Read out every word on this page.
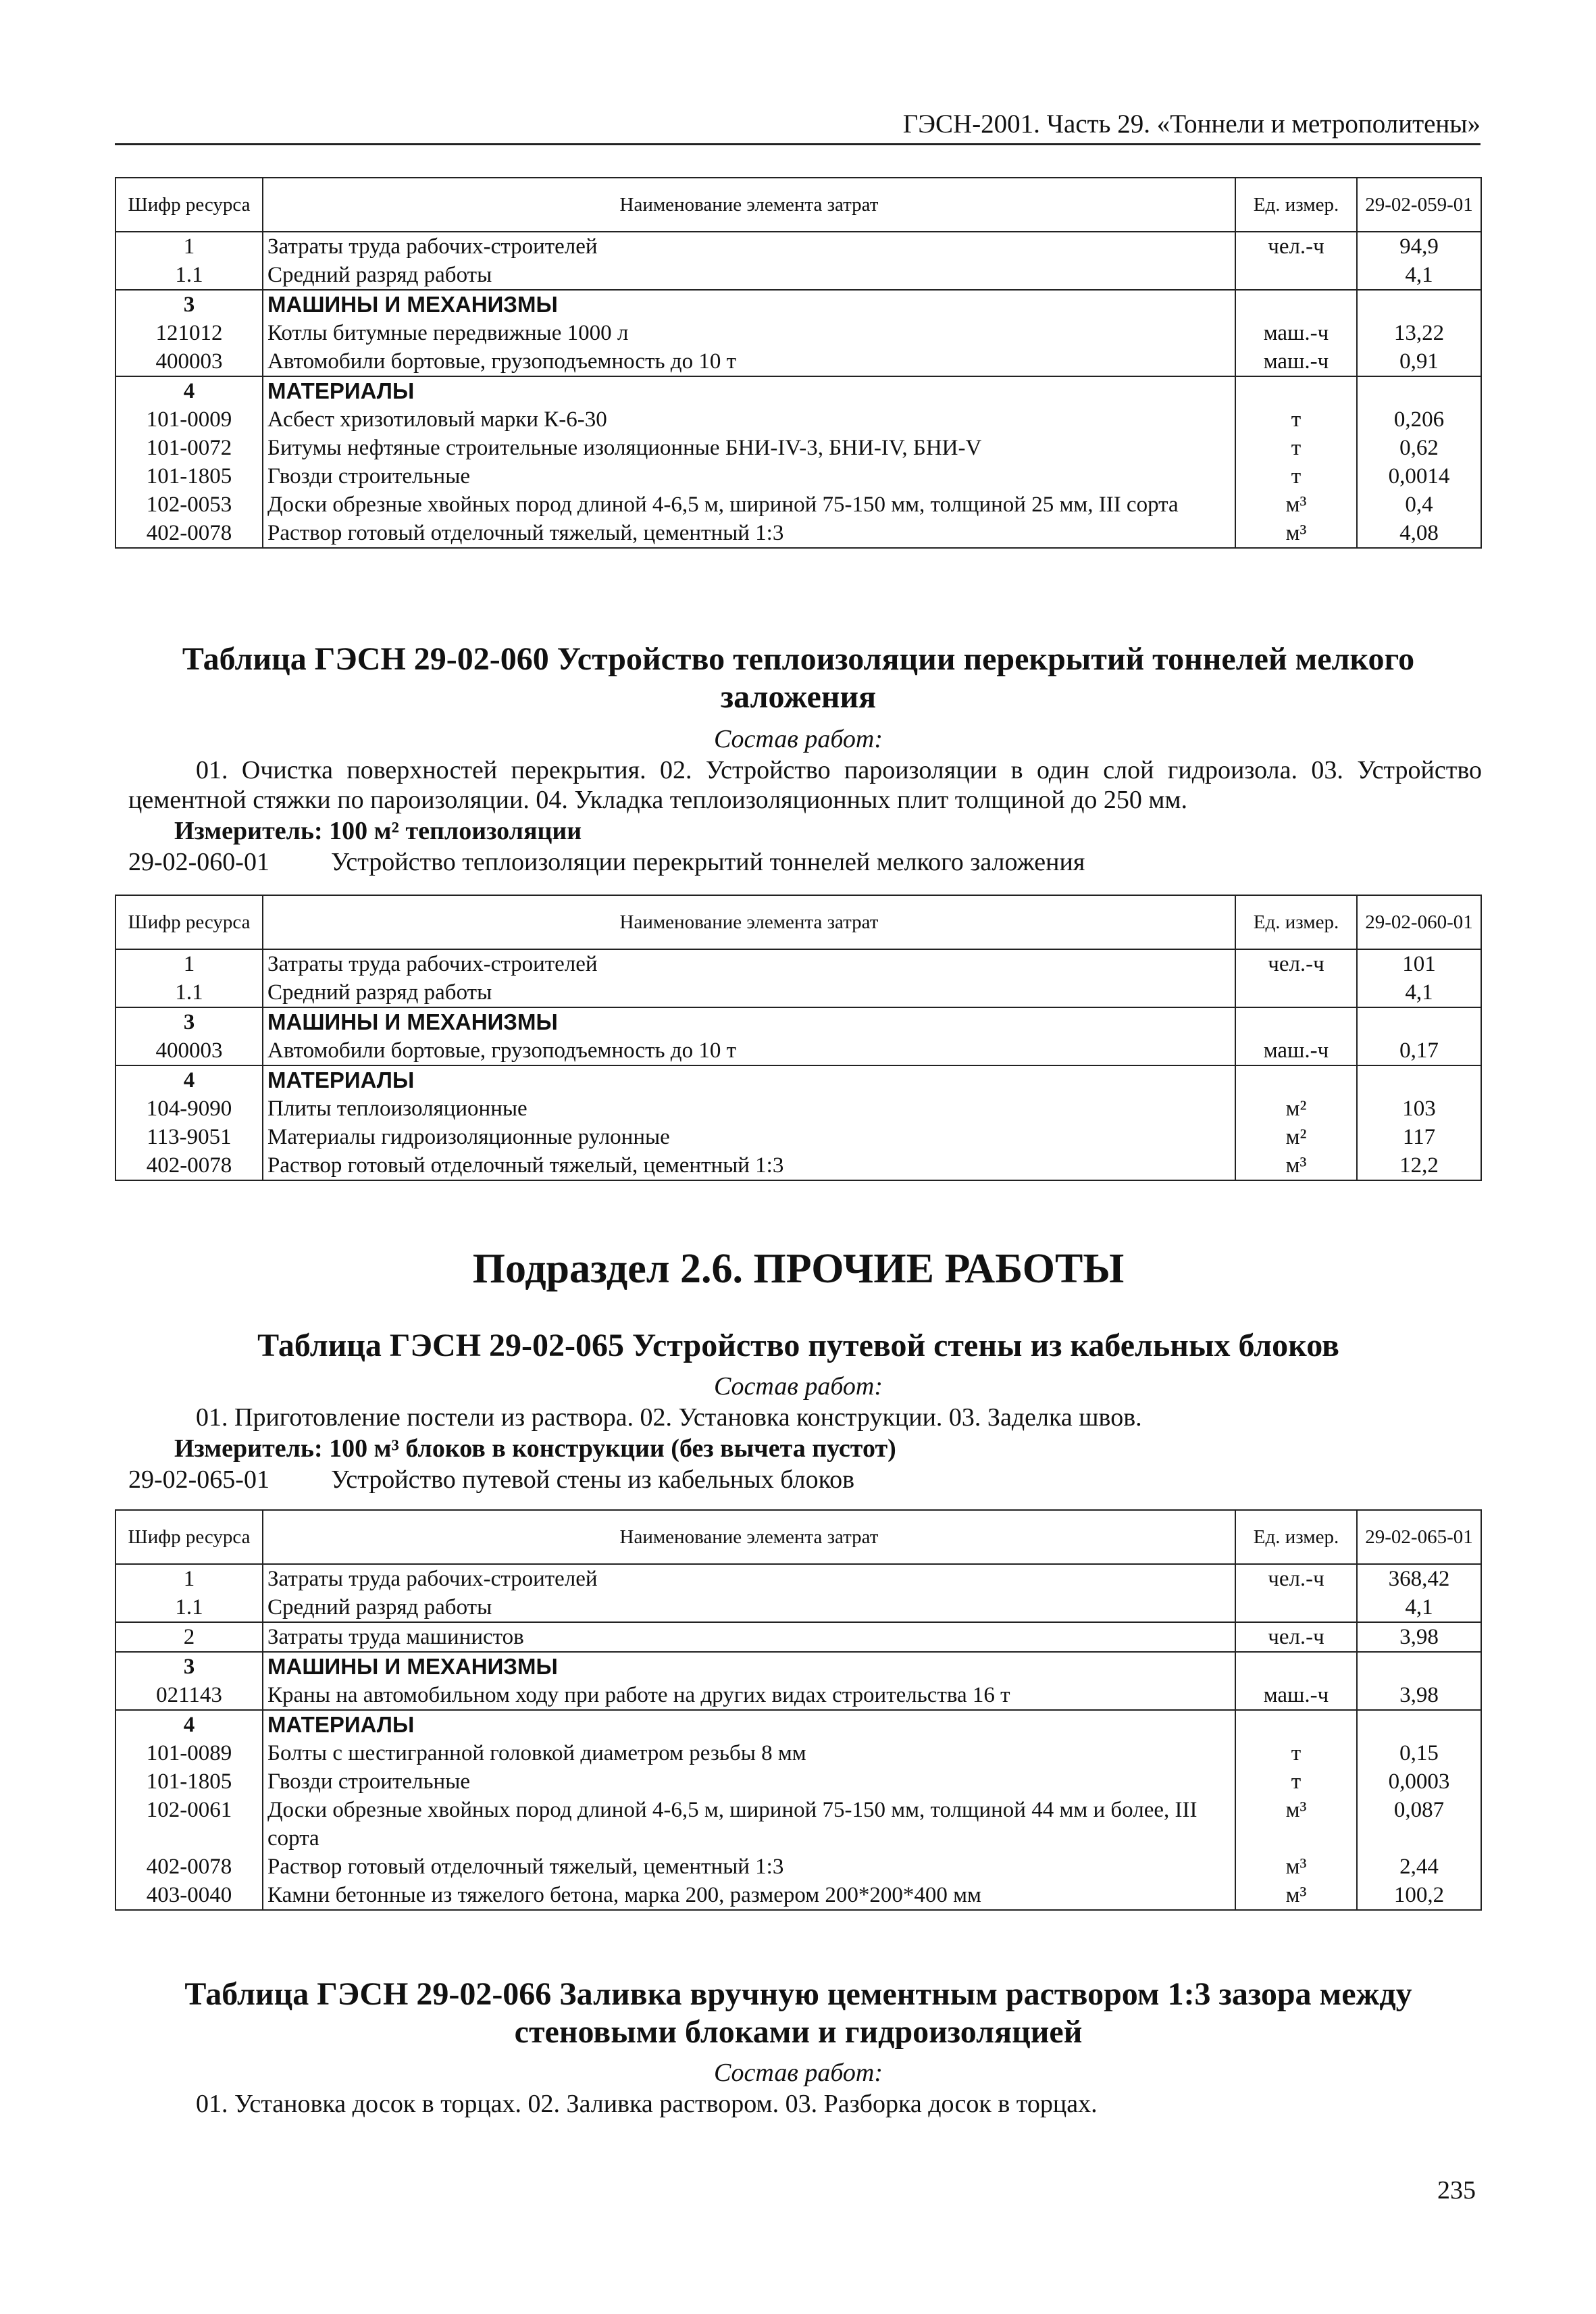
ГЭСН-2001. Часть 29. «Тоннели и метрополитены»
Шифр ресурса	Наименование элемента затрат	Ед. измер.	29-02-059-01
1	Затраты труда рабочих-строителей	чел.-ч	94,9
1.1	Средний разряд работы		4,1
3	МАШИНЫ И МЕХАНИЗМЫ		
121012	Котлы битумные передвижные 1000 л	маш.-ч	13,22
400003	Автомобили бортовые, грузоподъемность до 10 т	маш.-ч	0,91
4	МАТЕРИАЛЫ		
101-0009	Асбест хризотиловый марки К-6-30	т	0,206
101-0072	Битумы нефтяные строительные изоляционные БНИ-IV-3, БНИ-IV, БНИ-V	т	0,62
101-1805	Гвозди строительные	т	0,0014
102-0053	Доски обрезные хвойных пород длиной 4-6,5 м, шириной 75-150 мм, толщиной 25 мм, III сорта	м³	0,4
402-0078	Раствор готовый отделочный тяжелый, цементный 1:3	м³	4,08
Таблица ГЭСН 29-02-060 Устройство теплоизоляции перекрытий тоннелей мелкого заложения
Состав работ:
01. Очистка поверхностей перекрытия. 02. Устройство пароизоляции в один слой гидроизола. 03. Устройство цементной стяжки по пароизоляции. 04. Укладка теплоизоляционных плит толщиной до 250 мм.
Измеритель: 100 м² теплоизоляции
29-02-060-01 Устройство теплоизоляции перекрытий тоннелей мелкого заложения
Шифр ресурса	Наименование элемента затрат	Ед. измер.	29-02-060-01
1	Затраты труда рабочих-строителей	чел.-ч	101
1.1	Средний разряд работы		4,1
3	МАШИНЫ И МЕХАНИЗМЫ		
400003	Автомобили бортовые, грузоподъемность до 10 т	маш.-ч	0,17
4	МАТЕРИАЛЫ		
104-9090	Плиты теплоизоляционные	м²	103
113-9051	Материалы гидроизоляционные рулонные	м²	117
402-0078	Раствор готовый отделочный тяжелый, цементный 1:3	м³	12,2
Подраздел 2.6. ПРОЧИЕ РАБОТЫ
Таблица ГЭСН 29-02-065 Устройство путевой стены из кабельных блоков
Состав работ:
01. Приготовление постели из раствора. 02. Установка конструкции. 03. Заделка швов.
Измеритель: 100 м³ блоков в конструкции (без вычета пустот)
29-02-065-01 Устройство путевой стены из кабельных блоков
Шифр ресурса	Наименование элемента затрат	Ед. измер.	29-02-065-01
1	Затраты труда рабочих-строителей	чел.-ч	368,42
1.1	Средний разряд работы		4,1
2	Затраты труда машинистов	чел.-ч	3,98
3	МАШИНЫ И МЕХАНИЗМЫ		
021143	Краны на автомобильном ходу при работе на других видах строительства 16 т	маш.-ч	3,98
4	МАТЕРИАЛЫ		
101-0089	Болты с шестигранной головкой диаметром резьбы 8 мм	т	0,15
101-1805	Гвозди строительные	т	0,0003
102-0061	Доски обрезные хвойных пород длиной 4-6,5 м, шириной 75-150 мм, толщиной 44 мм и более, III сорта	м³	0,087
402-0078	Раствор готовый отделочный тяжелый, цементный 1:3	м³	2,44
403-0040	Камни бетонные из тяжелого бетона, марка 200, размером 200*200*400 мм	м³	100,2
Таблица ГЭСН 29-02-066 Заливка вручную цементным раствором 1:3 зазора между стеновыми блоками и гидроизоляцией
Состав работ:
01. Установка досок в торцах. 02. Заливка раствором. 03. Разборка досок в торцах.
235
